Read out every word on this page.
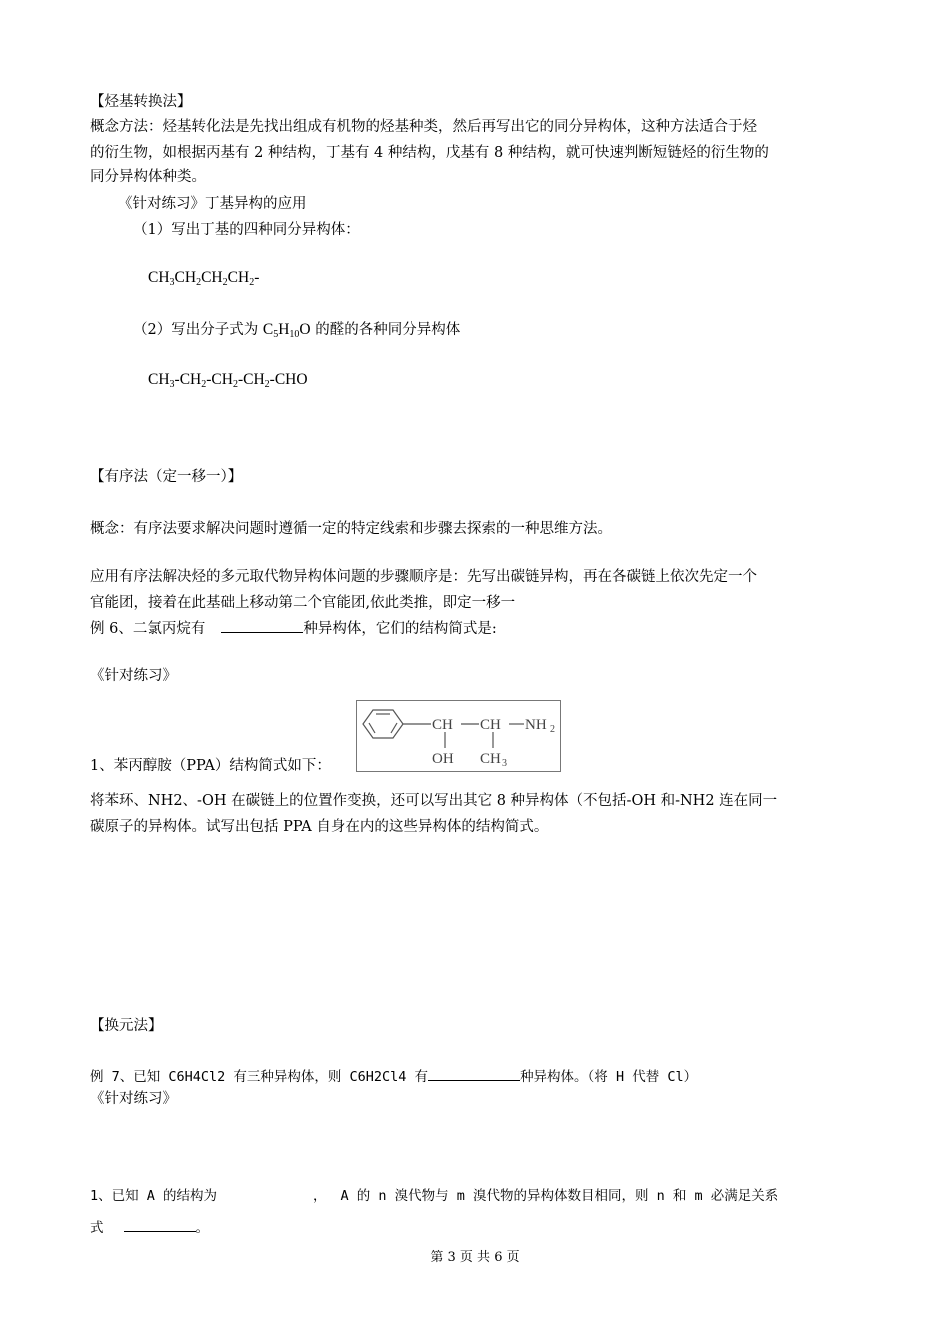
【烃基转换法】
概念方法：烃基转化法是先找出组成有机物的烃基种类，然后再写出它的同分异构体，这种方法适合于烃
的衍生物，如根据丙基有 2 种结构，丁基有 4 种结构，戊基有 8 种结构，就可快速判断短链烃的衍生物的
同分异构体种类。
《针对练习》丁基异构的应用
（1）写出丁基的四种同分异构体：
$CH_3CH_2CH_2CH_2-$
（2）写出分子式为 $C_5H_{10}O$ 的醛的各种同分异构体
$CH_3-CH_2-CH_2-CH_2$-CHO
【有序法（定一移一）】
概念：有序法要求解决问题时遵循一定的特定线索和步骤去探索的一种思维方法。
应用有序法解决烃的多元取代物异构体问题的步骤顺序是：先写出碳链异构，再在各碳链上依次先定一个
官能团，接着在此基础上移动第二个官能团,依此类推，即定一移一
例 6、二氯丙烷有	种异构体，它们的结构简式是:
《针对练习》
CH CH NH 2
OH CH 3
1、苯丙醇胺（PPA）结构简式如下：
将苯环、NH2、-OH 在碳链上的位置作变换，还可以写出其它 8 种异构体（不包括-OH 和-NH2 连在同一
碳原子的异构体。试写出包括 PPA 自身在内的这些异构体的结构简式。
【换元法】
例 7、已知 C6H4Cl2 有三种异构体，则 C6H2Cl4 有	种异构体。（将 H 代替 Cl）
《针对练习》
1、已知 A 的结构为	， A 的 n 溴代物与 m 溴代物的异构体数目相同，则 n 和 m 必满足关系
式	。
第 3 页 共 6 页
